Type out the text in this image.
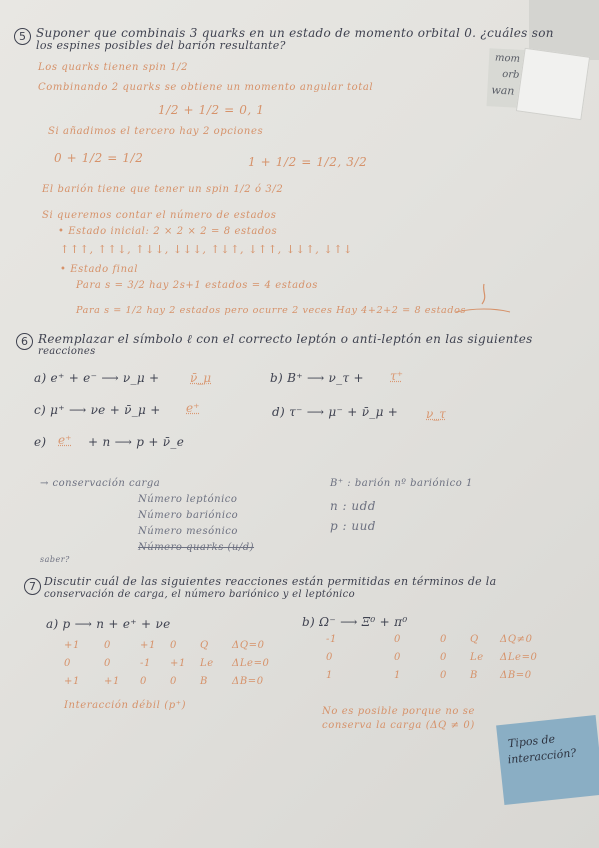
5 Suponer que combinais 3 quarks en un estado de momento orbital 0. ¿cuáles son
los espines posibles del barión resultante?
Los quarks tienen spin 1/2
Combinando 2 quarks se obtiene un momento angular total
1/2 + 1/2 = 0, 1
Si añadimos el tercero hay 2 opciones
0 + 1/2 = 1/2	1 + 1/2 = 1/2, 3/2
El barión tiene que tener un spin 1/2 ó 3/2
Si queremos contar el número de estados
• Estado inicial: 2 × 2 × 2 = 8 estados
↑↑↑, ↑↑↓, ↑↓↓, ↓↓↓, ↑↓↑, ↓↑↑, ↓↓↑, ↓↑↓
• Estado final
Para s = 3/2 hay 2s+1 estados = 4 estados
Para s = 1/2 hay 2 estados pero ocurre 2 veces Hay 4+2+2 = 8 estados
6 Reemplazar el símbolo ℓ con el correcto leptón o anti-leptón en las siguientes
reacciones
a) e⁺ + e⁻ ⟶ ν_μ +	ν̄_μ	b) B⁺ ⟶ ν_τ + τ⁺
c) μ⁺ ⟶ νe + ν̄_μ + e⁺	d) τ⁻ ⟶ μ⁻ + ν̄_μ + ν_τ
e) e⁺ + n ⟶ p + ν̄_e
→ conservación carga
Número leptónico
Número bariónico
Número mesónico
Número quarks (u/d)
B⁺ : barión nº bariónico 1
n : udd
p : uud
saber?
7 Discutir cuál de las siguientes reacciones están permitidas en términos de la
conservación de carga, el número bariónico y el leptónico
a) p ⟶ n + e⁺ + νe	b) Ω⁻ ⟶ Ξ⁰ + π⁰
+1 0	+1 0 Q ΔQ=0
0	0	-1 +1 Le ΔLe=0
+1 +1 0 0 B ΔB=0
-1	0	0 Q ΔQ≠0
0	0	0 Le ΔLe=0
1	1	0 B ΔB=0
Interacción débil (p⁺)
No es posible porque no se
conserva la carga (ΔQ ≠ 0)
mom
orb
wan
Tipos de
interacción?
